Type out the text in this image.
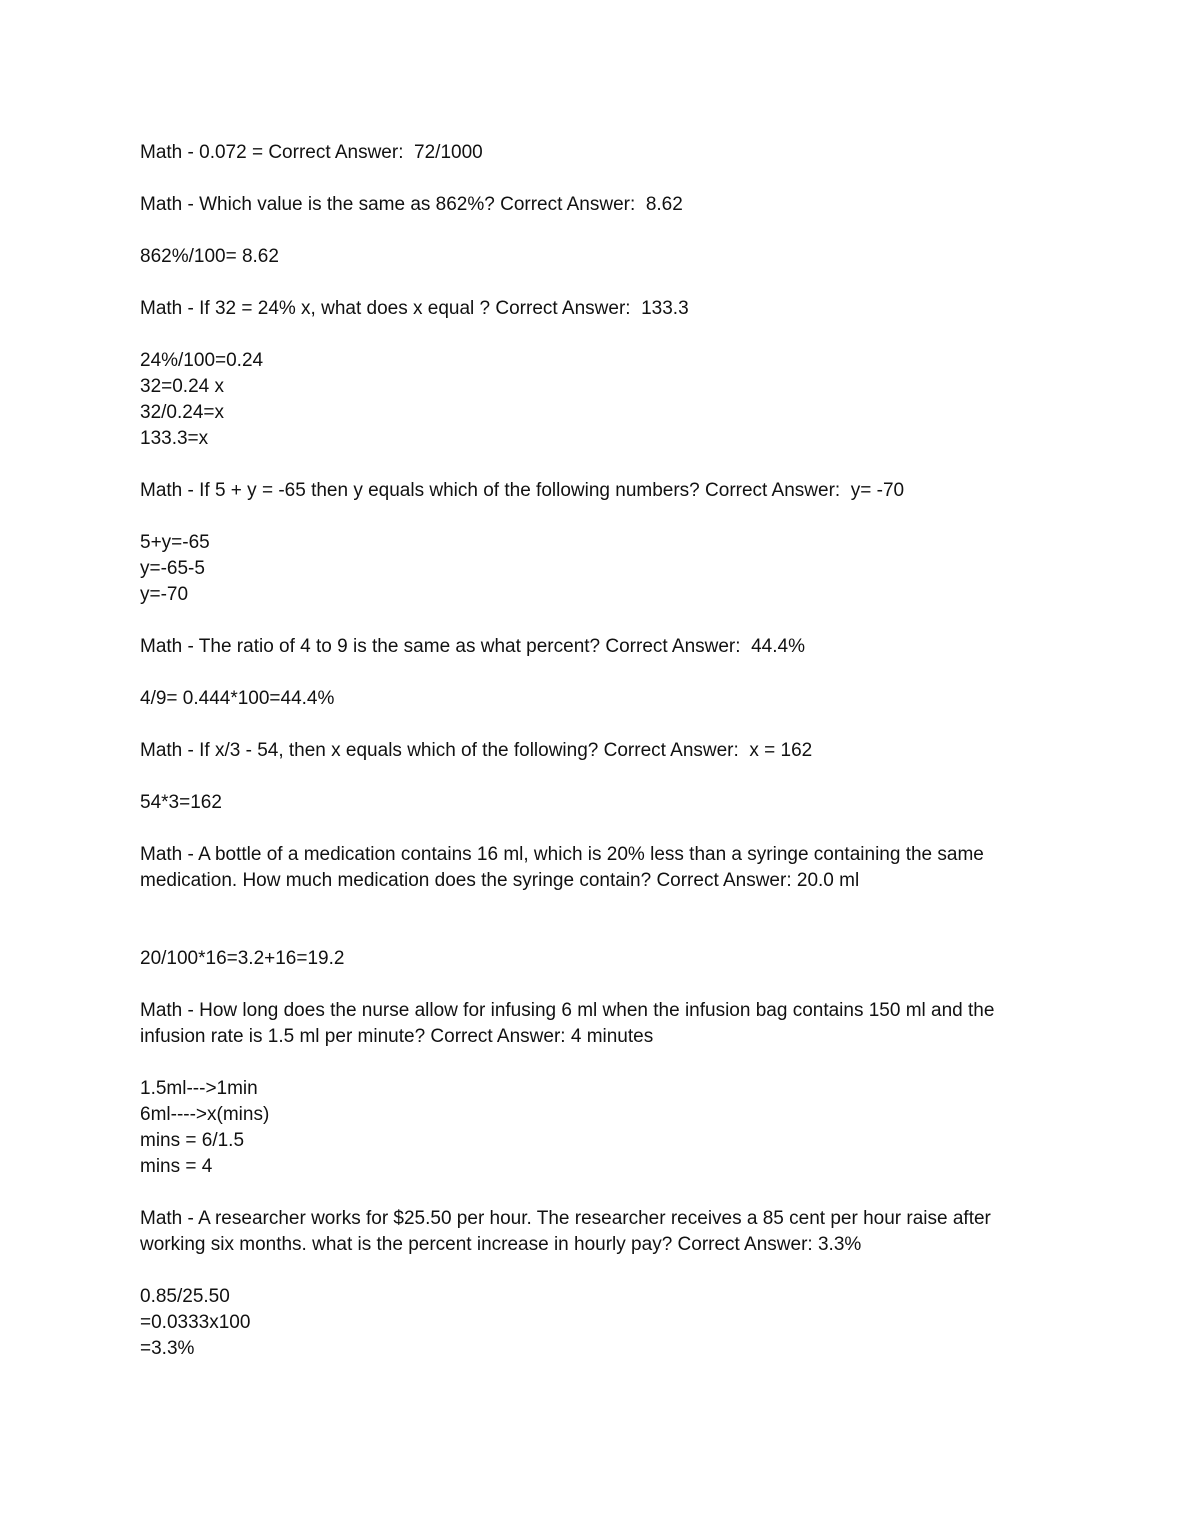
Math - 0.072 = Correct Answer:  72/1000
Math - Which value is the same as 862%? Correct Answer:  8.62
862%/100= 8.62
Math - If 32 = 24% x, what does x equal ? Correct Answer:  133.3
24%/100=0.24
32=0.24 x
32/0.24=x
133.3=x
Math - If 5 + y = -65 then y equals which of the following numbers? Correct Answer:  y= -70
5+y=-65
y=-65-5
y=-70
Math - The ratio of 4 to 9 is the same as what percent? Correct Answer:  44.4%
4/9= 0.444*100=44.4%
Math - If x/3 - 54, then x equals which of the following? Correct Answer:  x = 162
54*3=162
Math - A bottle of a medication contains 16 ml, which is 20% less than a syringe containing the same medication. How much medication does the syringe contain? Correct Answer: 20.0 ml
20/100*16=3.2+16=19.2
Math - How long does the nurse allow for infusing 6 ml when the infusion bag contains 150 ml and the infusion rate is 1.5 ml per minute? Correct Answer: 4 minutes
1.5ml--->1min
6ml---->x(mins)
mins = 6/1.5
mins = 4
Math - A researcher works for $25.50 per hour. The researcher receives a 85 cent per hour raise after working six months. what is the percent increase in hourly pay? Correct Answer: 3.3%
0.85/25.50
=0.0333x100
=3.3%
